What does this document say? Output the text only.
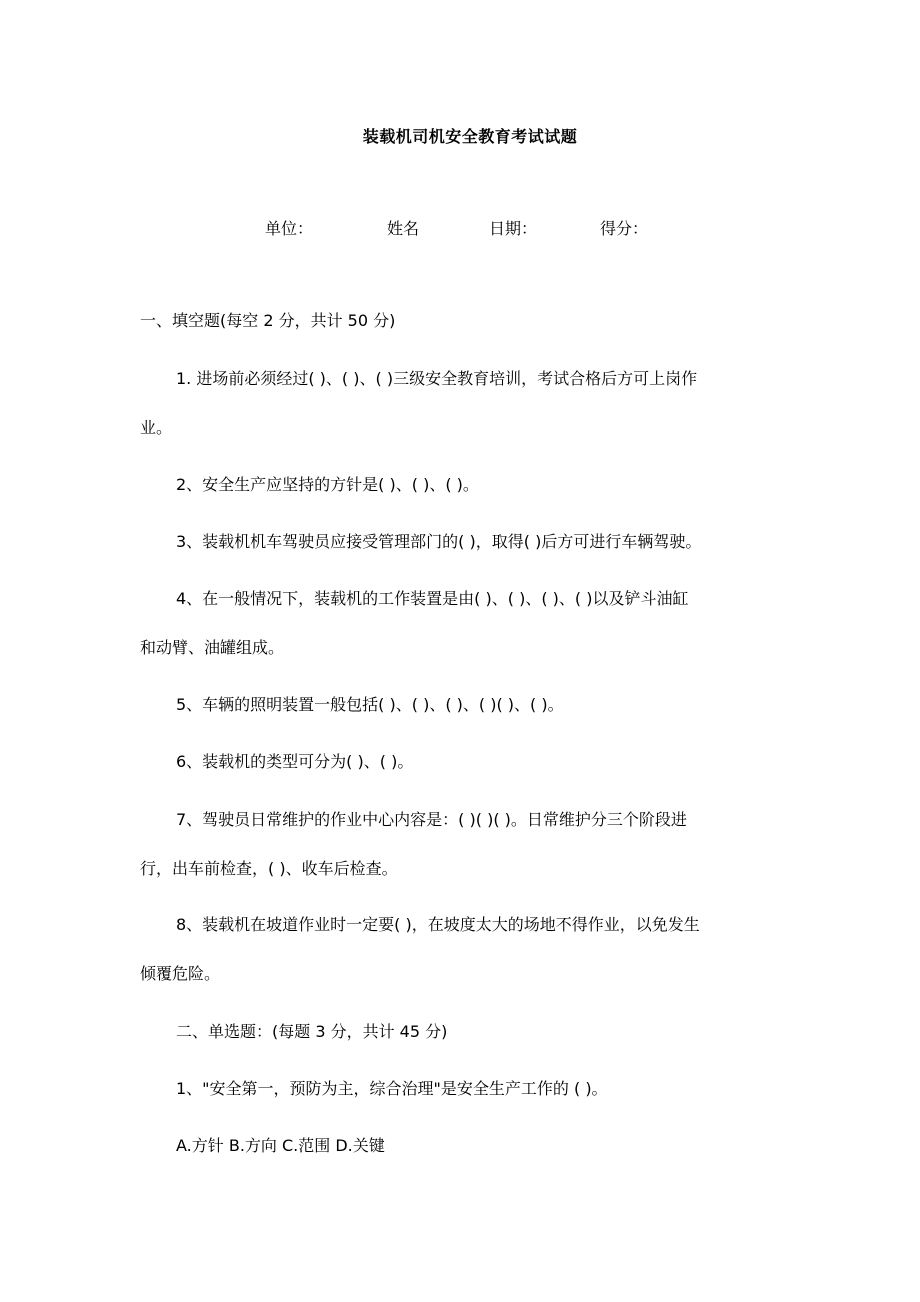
装载机司机安全教育考试试题
单位：	姓名	日期：	得分：
一、填空题(每空 2 分，共计 50 分)
1. 进场前必须经过( )、( )、( )三级安全教育培训，考试合格后方可上岗作
业。
2、安全生产应坚持的方针是( )、( )、( )。
3、装载机机车驾驶员应接受管理部门的( )，取得( )后方可进行车辆驾驶。
4、在一般情况下，装载机的工作装置是由( )、( )、( )、( )以及铲斗油缸
和动臂、油罐组成。
5、车辆的照明装置一般包括( )、( )、( )、( )( )、( )。
6、装载机的类型可分为( )、( )。
7、驾驶员日常维护的作业中心内容是：( )( )( )。日常维护分三个阶段进
行，出车前检查，( )、收车后检查。
8、装载机在坡道作业时一定要( )，在坡度太大的场地不得作业，以免发生
倾覆危险。
二、单选题：(每题 3 分，共计 45 分)
1、"安全第一，预防为主，综合治理"是安全生产工作的 ( )。
A.方针 B.方向 C.范围 D.关键
